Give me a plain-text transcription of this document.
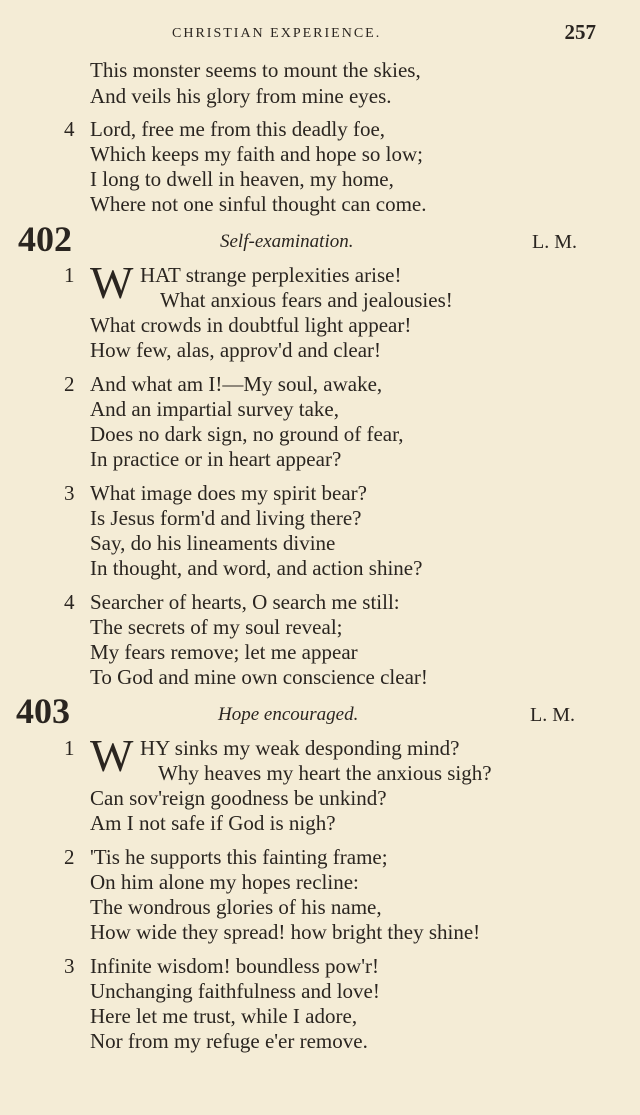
CHRISTIAN EXPERIENCE.	257
This monster seems to mount the skies,
And veils his glory from mine eyes.
4 Lord, free me from this deadly foe,
Which keeps my faith and hope so low;
I long to dwell in heaven, my home,
Where not one sinful thought can come.
402	Self-examination.	L. M.
1 W HAT strange perplexities arise!
What anxious fears and jealousies!
What crowds in doubtful light appear!
How few, alas, approv'd and clear!
2 And what am I!—My soul, awake,
And an impartial survey take,
Does no dark sign, no ground of fear,
In practice or in heart appear?
3 What image does my spirit bear?
Is Jesus form'd and living there?
Say, do his lineaments divine
In thought, and word, and action shine?
4 Searcher of hearts, O search me still:
The secrets of my soul reveal;
My fears remove; let me appear
To God and mine own conscience clear!
403	Hope encouraged.	L. M.
1 W HY sinks my weak desponding mind?
Why heaves my heart the anxious sigh?
Can sov'reign goodness be unkind?
Am I not safe if God is nigh?
2 'Tis he supports this fainting frame;
On him alone my hopes recline:
The wondrous glories of his name,
How wide they spread! how bright they shine!
3 Infinite wisdom! boundless pow'r!
Unchanging faithfulness and love!
Here let me trust, while I adore,
Nor from my refuge e'er remove.
